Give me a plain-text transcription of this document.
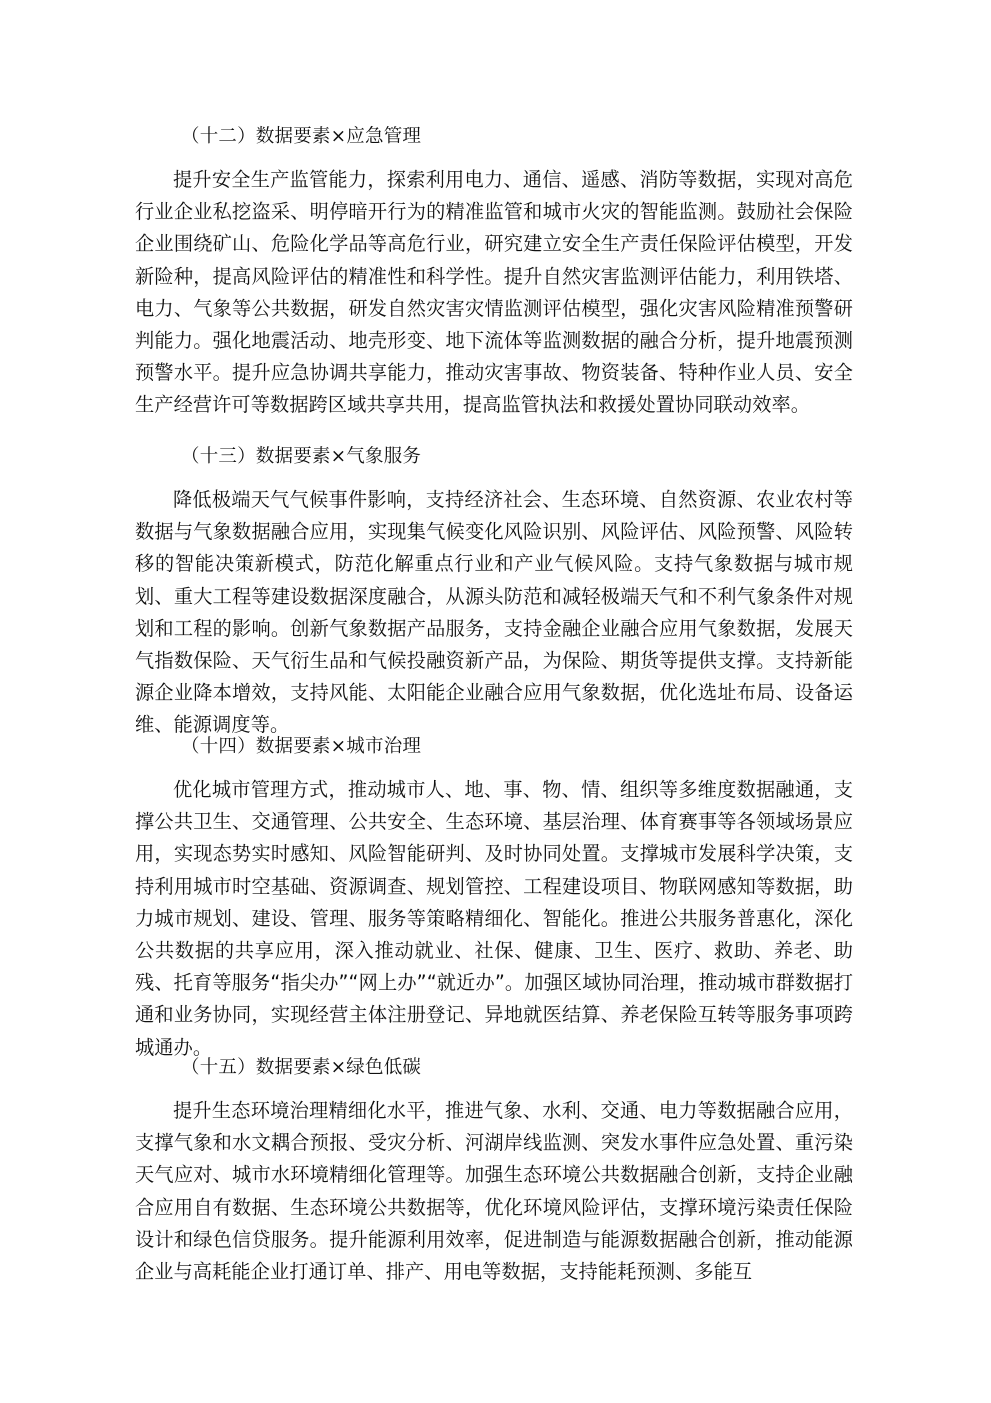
（十二）数据要素×应急管理
提升安全生产监管能力，探索利用电力、通信、遥感、消防等数据，实现对高危行业企业私挖盗采、明停暗开行为的精准监管和城市火灾的智能监测。鼓励社会保险企业围绕矿山、危险化学品等高危行业，研究建立安全生产责任保险评估模型，开发新险种，提高风险评估的精准性和科学性。提升自然灾害监测评估能力，利用铁塔、电力、气象等公共数据，研发自然灾害灾情监测评估模型，强化灾害风险精准预警研判能力。强化地震活动、地壳形变、地下流体等监测数据的融合分析，提升地震预测预警水平。提升应急协调共享能力，推动灾害事故、物资装备、特种作业人员、安全生产经营许可等数据跨区域共享共用，提高监管执法和救援处置协同联动效率。
（十三）数据要素×气象服务
降低极端天气气候事件影响，支持经济社会、生态环境、自然资源、农业农村等数据与气象数据融合应用，实现集气候变化风险识别、风险评估、风险预警、风险转移的智能决策新模式，防范化解重点行业和产业气候风险。支持气象数据与城市规划、重大工程等建设数据深度融合，从源头防范和减轻极端天气和不利气象条件对规划和工程的影响。创新气象数据产品服务，支持金融企业融合应用气象数据，发展天气指数保险、天气衍生品和气候投融资新产品，为保险、期货等提供支撑。支持新能源企业降本增效，支持风能、太阳能企业融合应用气象数据，优化选址布局、设备运维、能源调度等。
（十四）数据要素×城市治理
优化城市管理方式，推动城市人、地、事、物、情、组织等多维度数据融通，支撑公共卫生、交通管理、公共安全、生态环境、基层治理、体育赛事等各领域场景应用，实现态势实时感知、风险智能研判、及时协同处置。支撑城市发展科学决策，支持利用城市时空基础、资源调查、规划管控、工程建设项目、物联网感知等数据，助力城市规划、建设、管理、服务等策略精细化、智能化。推进公共服务普惠化，深化公共数据的共享应用，深入推动就业、社保、健康、卫生、医疗、救助、养老、助残、托育等服务“指尖办”“网上办”“就近办”。加强区域协同治理，推动城市群数据打通和业务协同，实现经营主体注册登记、异地就医结算、养老保险互转等服务事项跨城通办。
（十五）数据要素×绿色低碳
提升生态环境治理精细化水平，推进气象、水利、交通、电力等数据融合应用，支撑气象和水文耦合预报、受灾分析、河湖岸线监测、突发水事件应急处置、重污染天气应对、城市水环境精细化管理等。加强生态环境公共数据融合创新，支持企业融合应用自有数据、生态环境公共数据等，优化环境风险评估，支撑环境污染责任保险设计和绿色信贷服务。提升能源利用效率，促进制造与能源数据融合创新，推动能源企业与高耗能企业打通订单、排产、用电等数据，支持能耗预测、多能互
